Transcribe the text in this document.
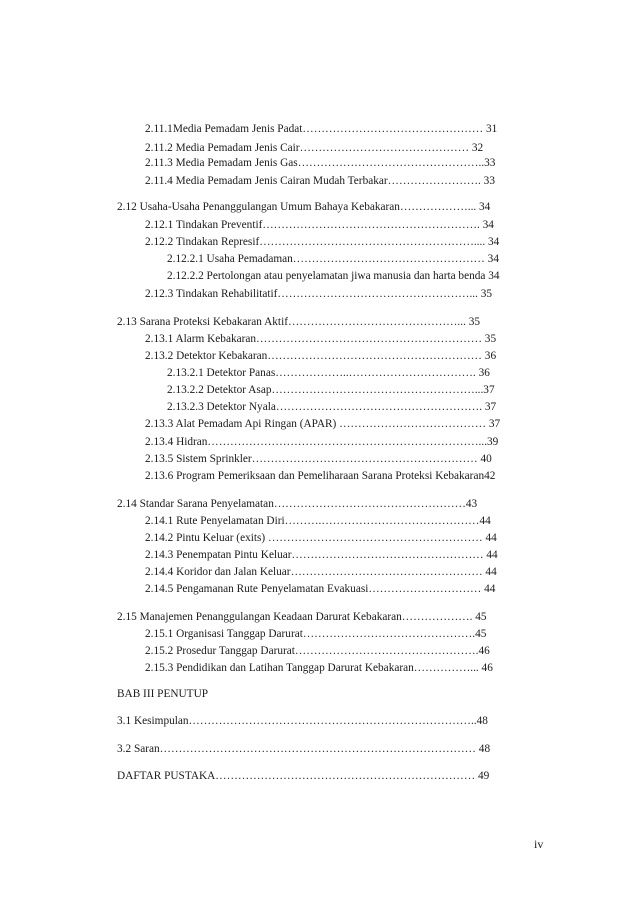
2.11.1Media Pemadam Jenis Padat………………………………………… 31
2.11.2 Media Pemadam Jenis Cair……………………………………… 32
2.11.3 Media Pemadam Jenis Gas…………………………………………..33
2.11.4 Media Pemadam Jenis Cairan Mudah Terbakar……………………. 33
2.12 Usaha-Usaha Penanggulangan Umum Bahaya Kebakaran………………... 34
2.12.1 Tindakan Preventif…………………………………………………. 34
2.12.2 Tindakan Represif………………………………………………….... 34
2.12.2.1 Usaha Pemadaman…………………………………………… 34
2.12.2.2 Pertolongan atau penyelamatan jiwa manusia dan harta benda 34
2.12.3 Tindakan Rehabilitatif……………………………………………... 35
2.13 Sarana Proteksi Kebakaran Aktif………………………………………... 35
2.13.1 Alarm Kebakaran…………………………………………………… 35
2.13.2 Detektor Kebakaran………………………………………………… 36
2.13.2.1 Detektor Panas………………..……………………………. 36
2.13.2.2 Detektor Asap………………………………………………...37
2.13.2.3 Detektor Nyala………………………………………………. 37
2.13.3 Alat Pemadam Api Ringan (APAR) ………………………………… 37
2.13.4 Hidran………………………………………………………………...39
2.13.5 Sistem Sprinkler…………………………………………………… 40
2.13.6 Program Pemeriksaan dan Pemeliharaan Sarana Proteksi Kebakaran42
2.14 Standar Sarana Penyelamatan……………………………………………43
2.14.1 Rute Penyelamatan Diri……….……………………………………44
2.14.2 Pintu Keluar (exits) ………………………………………………… 44
2.14.3 Penempatan Pintu Keluar…………………………………………… 44
2.14.4 Koridor dan Jalan Keluar…………………………………………… 44
2.14.5 Pengamanan Rute Penyelamatan Evakuasi………………………… 44
2.15 Manajemen Penanggulangan Keadaan Darurat Kebakaran………………. 45
2.15.1 Organisasi Tanggap Darurat……………………………………….45
2.15.2 Prosedur Tanggap Darurat………………………………………….46
2.15.3 Pendidikan dan Latihan Tanggap Darurat Kebakaran……………... 46
BAB III PENUTUP
3.1 Kesimpulan…………………………………………………………………..48
3.2 Saran………………………………………………………………………… 48
DAFTAR PUSTAKA…………………………………………………………… 49
iv
